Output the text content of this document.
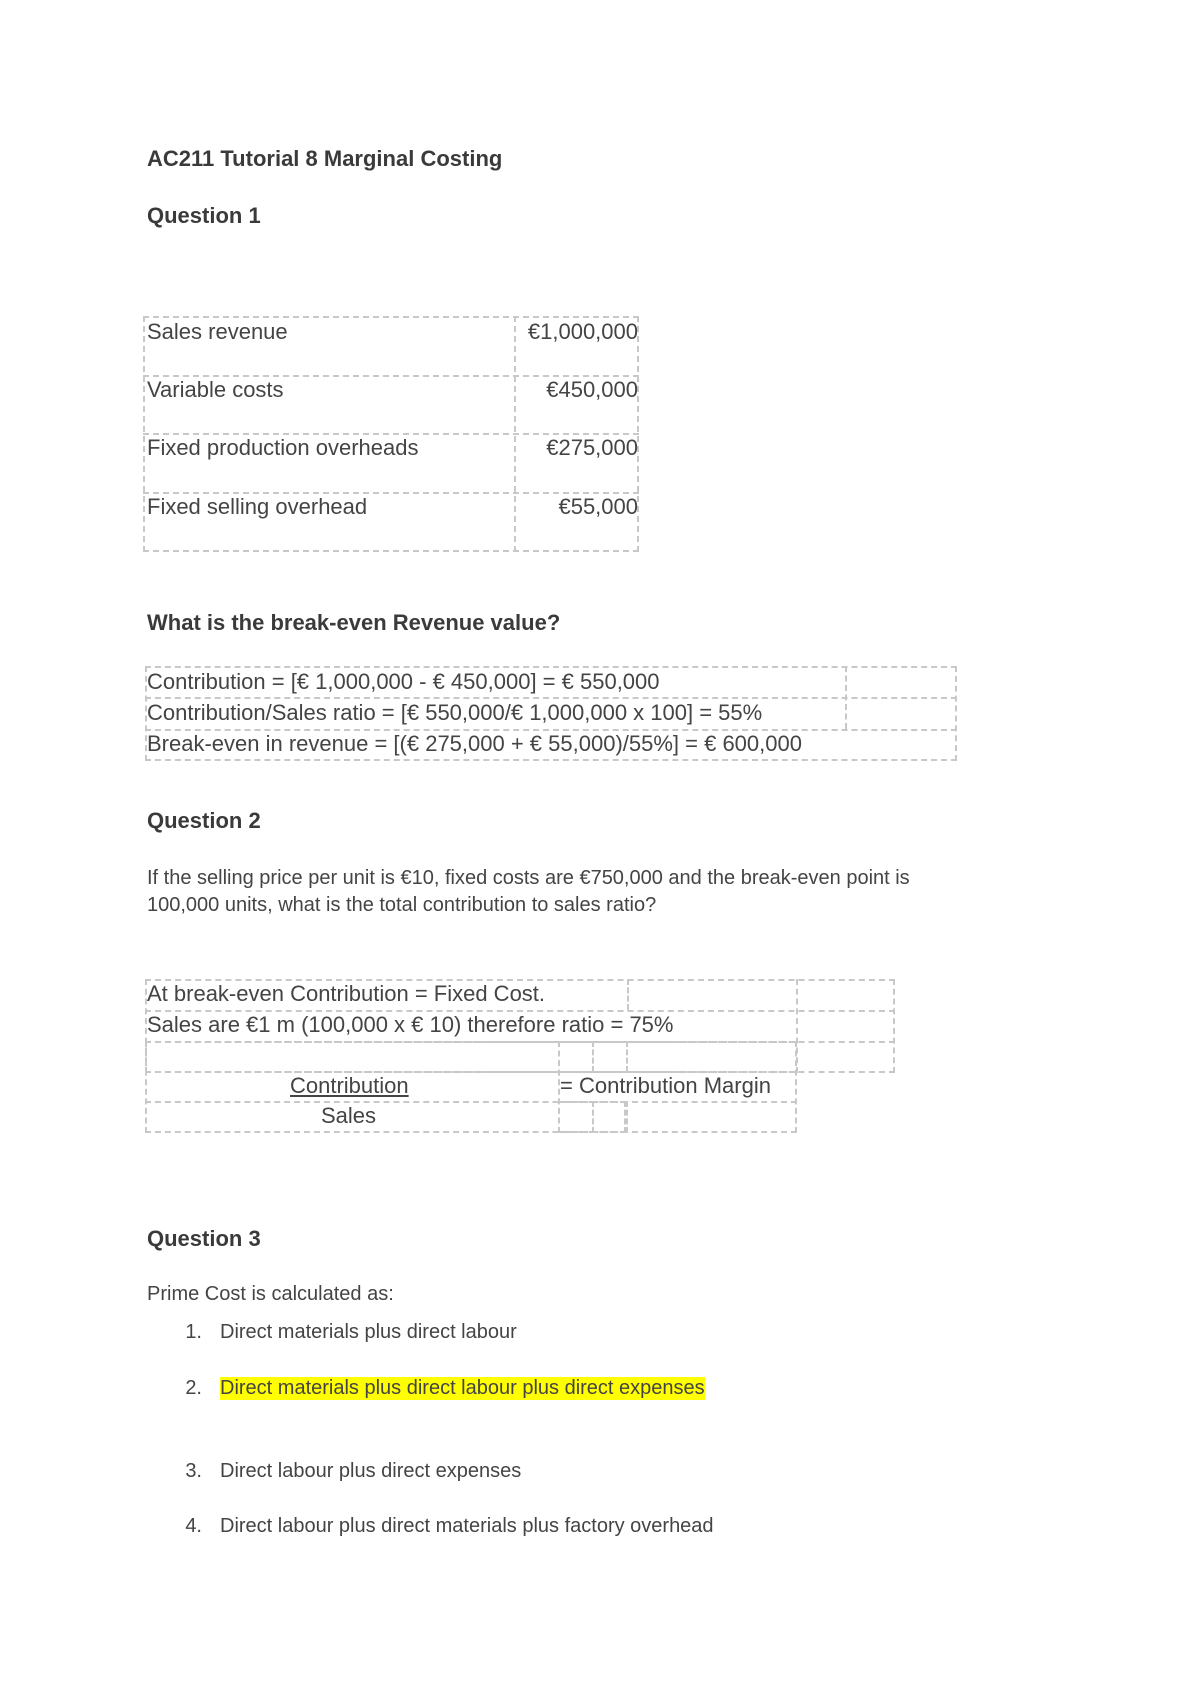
AC211 Tutorial 8 Marginal Costing
Question 1
Sales revenue	€1,000,000
Variable costs	€450,000
Fixed production overheads	€275,000
Fixed selling overhead	€55,000
What is the break-even Revenue value?
Contribution = [€ 1,000,000 - € 450,000] = € 550,000
Contribution/Sales ratio = [€ 550,000/€ 1,000,000 x 100] = 55%
Break-even in revenue = [(€ 275,000 + € 55,000)/55%] = € 600,000
Question 2
If the selling price per unit is €10, fixed costs are €750,000 and the break-even point is
100,000 units, what is the total contribution to sales ratio?
At break-even Contribution = Fixed Cost.
Sales are €1 m (100,000 x € 10) therefore ratio = 75%
Contribution	= Contribution Margin
Sales
Question 3
Prime Cost is calculated as:
1. Direct materials plus direct labour
2. Direct materials plus direct labour plus direct expenses
3. Direct labour plus direct expenses
4. Direct labour plus direct materials plus factory overhead
